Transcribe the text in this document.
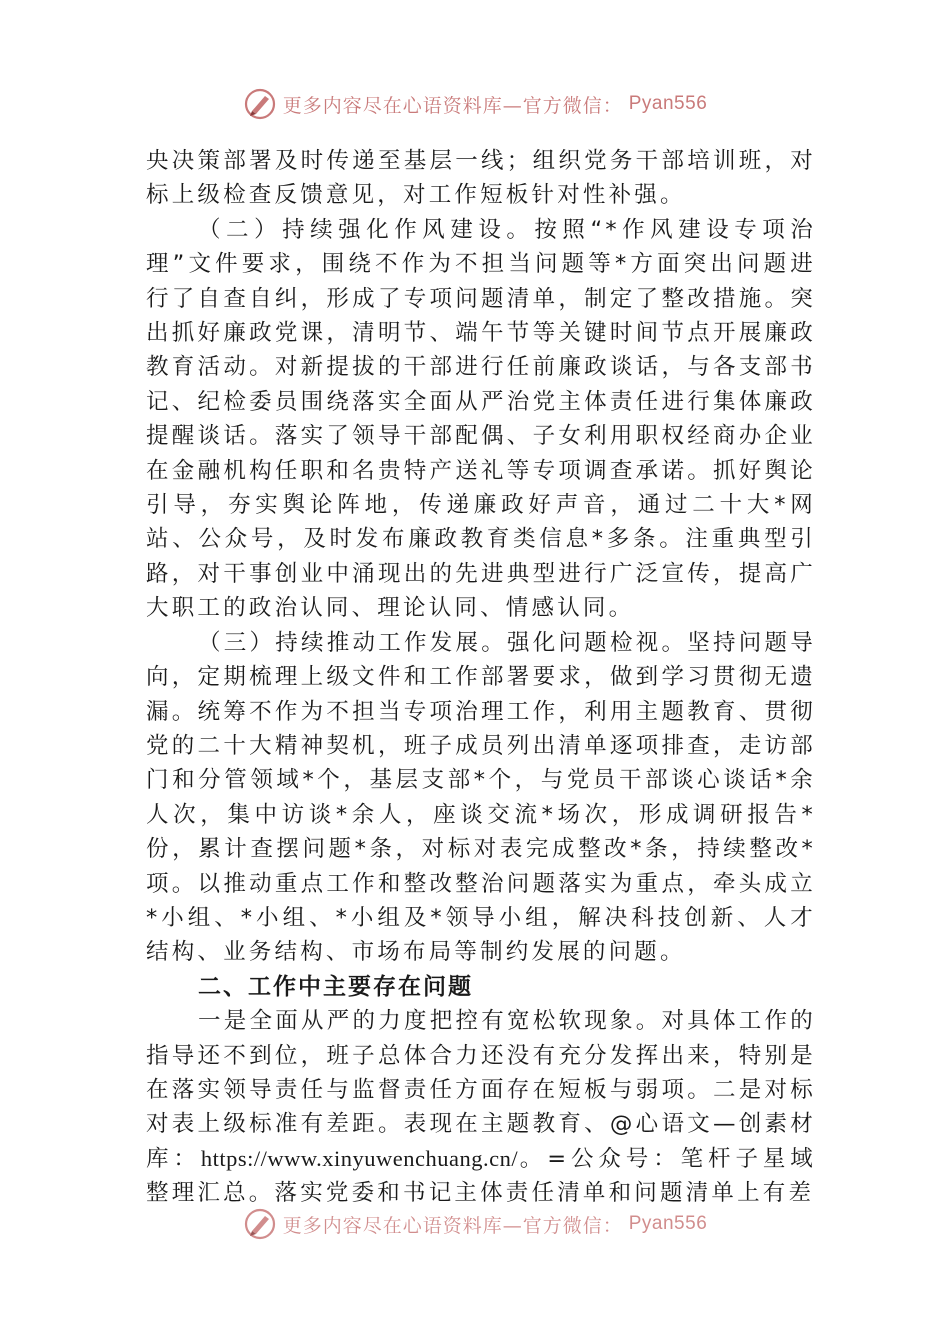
更多内容尽在心语资料库—官方微信： Pyan556

央决策部署及时传递至基层一线；组织党务干部培训班，对标上级检查反馈意见，对工作短板针对性补强。

（二）持续强化作风建设。按照“*作风建设专项治理”文件要求，围绕不作为不担当问题等*方面突出问题进行了自查自纠，形成了专项问题清单，制定了整改措施。突出抓好廉政党课，清明节、端午节等关键时间节点开展廉政教育活动。对新提拔的干部进行任前廉政谈话，与各支部书记、纪检委员围绕落实全面从严治党主体责任进行集体廉政提醒谈话。落实了领导干部配偶、子女利用职权经商办企业在金融机构任职和名贵特产送礼等专项调查承诺。抓好舆论引导，夯实舆论阵地，传递廉政好声音，通过二十大*网站、公众号，及时发布廉政教育类信息*多条。注重典型引路，对干事创业中涌现出的先进典型进行广泛宣传，提高广大职工的政治认同、理论认同、情感认同。

（三）持续推动工作发展。强化问题检视。坚持问题导向，定期梳理上级文件和工作部署要求，做到学习贯彻无遗漏。统筹不作为不担当专项治理工作，利用主题教育、贯彻党的二十大精神契机，班子成员列出清单逐项排查，走访部门和分管领域*个，基层支部*个，与党员干部谈心谈话*余人次，集中访谈*余人，座谈交流*场次，形成调研报告*份，累计查摆问题*条，对标对表完成整改*条，持续整改*项。以推动重点工作和整改整治问题落实为重点，牵头成立*小组、*小组、*小组及*领导小组，解决科技创新、人才结构、业务结构、市场布局等制约发展的问题。

二、工作中主要存在问题

一是全面从严的力度把控有宽松软现象。对具体工作的指导还不到位，班子总体合力还没有充分发挥出来，特别是在落实领导责任与监督责任方面存在短板与弱项。二是对标对表上级标准有差距。表现在主题教育、@心语文—创素材库：https://www.xinyuwenchuang.cn/。=公众号：笔杆子星域整理汇总。落实党委和书记主体责任清单和问题清单上有差

更多内容尽在心语资料库—官方微信： Pyan556
